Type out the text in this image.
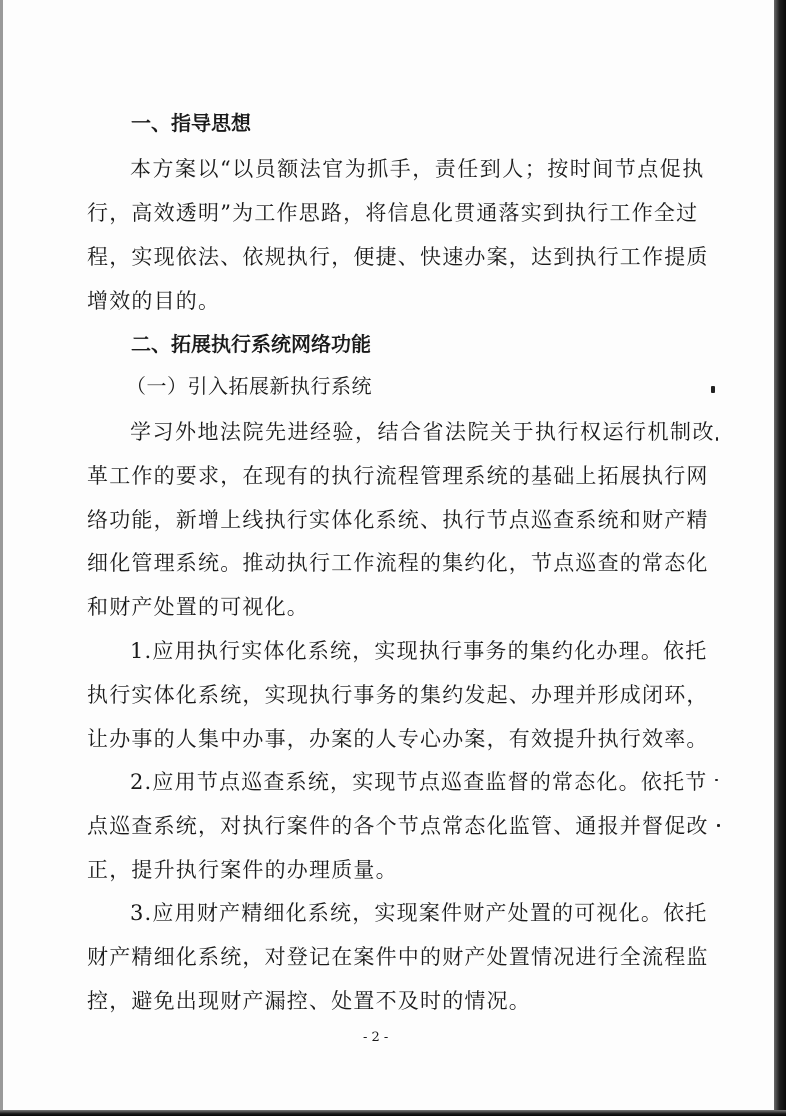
一、指导思想
本方案以“以员额法官为抓手，责任到人；按时间节点促执
行，高效透明”为工作思路，将信息化贯通落实到执行工作全过
程，实现依法、依规执行，便捷、快速办案，达到执行工作提质
增效的目的。
二、拓展执行系统网络功能
（一）引入拓展新执行系统
学习外地法院先进经验，结合省法院关于执行权运行机制改
革工作的要求，在现有的执行流程管理系统的基础上拓展执行网
络功能，新增上线执行实体化系统、执行节点巡查系统和财产精
细化管理系统。推动执行工作流程的集约化，节点巡查的常态化
和财产处置的可视化。
1.应用执行实体化系统，实现执行事务的集约化办理。依托
执行实体化系统，实现执行事务的集约发起、办理并形成闭环，
让办事的人集中办事，办案的人专心办案，有效提升执行效率。
2.应用节点巡查系统，实现节点巡查监督的常态化。依托节
点巡查系统，对执行案件的各个节点常态化监管、通报并督促改
正，提升执行案件的办理质量。
3.应用财产精细化系统，实现案件财产处置的可视化。依托
财产精细化系统，对登记在案件中的财产处置情况进行全流程监
控，避免出现财产漏控、处置不及时的情况。
- 2 -
